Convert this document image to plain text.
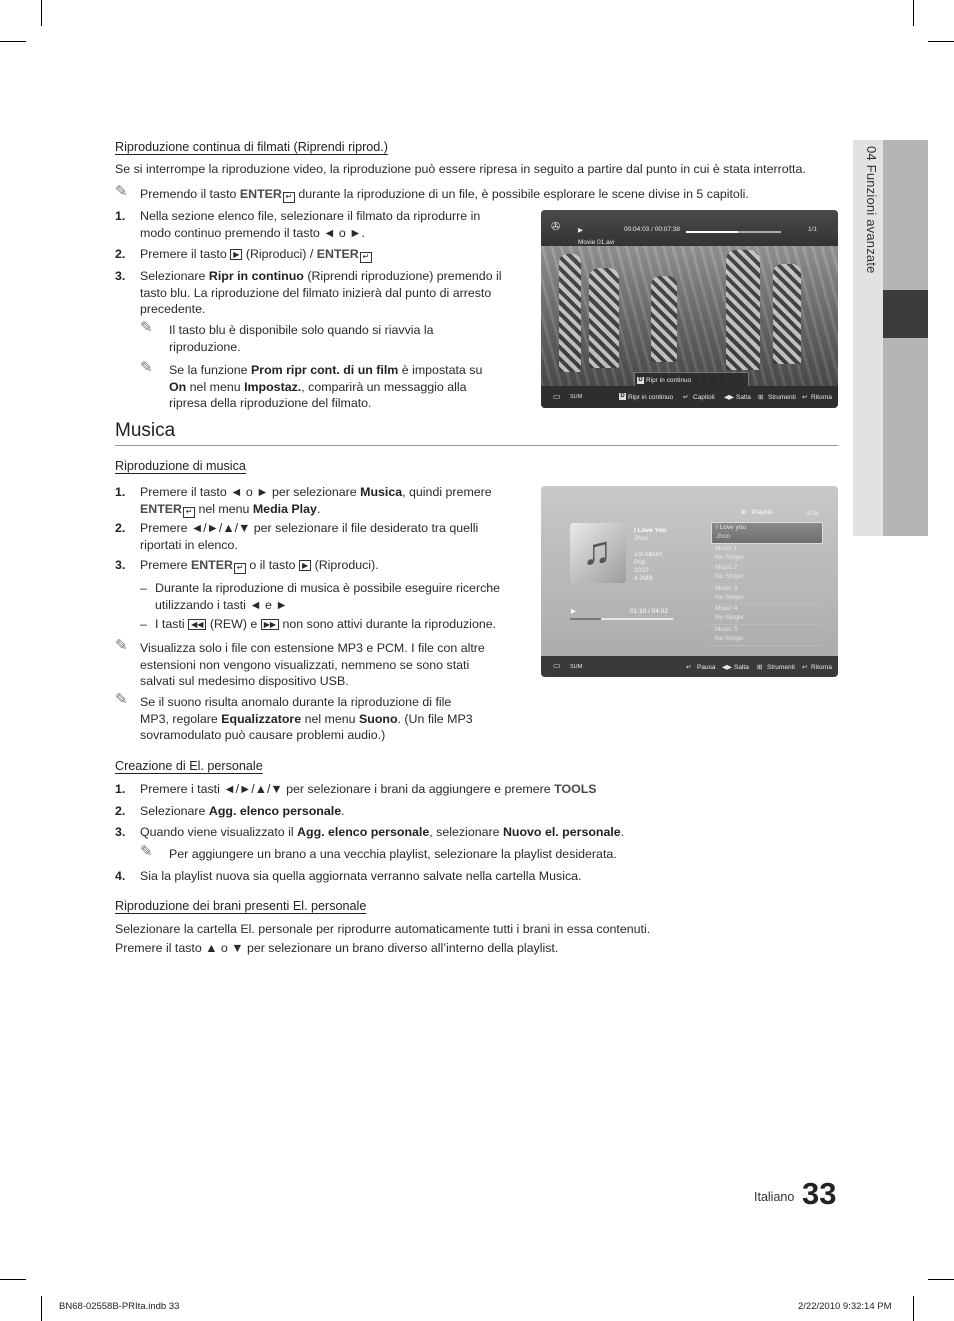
04 Funzioni avanzate
Riproduzione continua di filmati (Riprendi riprod.)
Se si interrompe la riproduzione video, la riproduzione può essere ripresa in seguito a partire dal punto in cui è stata interrotta.
✎ Premendo il tasto ENTER ↵ durante la riproduzione di un file, è possibile esplorare le scene divise in 5 capitoli.
1.	Nella sezione elenco file, selezionare il filmato da riprodurre in
modo continuo premendo il tasto ◄ o ►.
2.	Premere il tasto ▶ (Riproduci) / ENTER ↵
3.	Selezionare Ripr in continuo (Riprendi riproduzione) premendo il
tasto blu. La riproduzione del filmato inizierà dal punto di arresto
precedente.
✎ Il tasto blu è disponibile solo quando si riavvia la
riproduzione.
✎ Se la funzione Prom ripr cont. di un film è impostata su
On nel menu Impostaz., comparirà un messaggio alla
ripresa della riproduzione del filmato.
✇	▶	00:04:03 / 00:07:38	1/1
Movie 01.avi
D Ripr in continuo
▭ SUM	D Ripr in continuo ↵ Capitoli ◀▶ Salta ⊞ Strumenti ↩ Ritorna
Musica
Riproduzione di musica
1.	Premere il tasto ◄ o ► per selezionare Musica, quindi premere
ENTER ↵ nel menu Media Play.
2.	Premere ◄/►/▲/▼ per selezionare il file desiderato tra quelli
riportati in elenco.
3.	Premere ENTER ↵ o il tasto ▶ (Riproduci).
– Durante la riproduzione di musica è possibile eseguire ricerche
utilizzando i tasti ◄ e ►
– I tasti ◀◀ (REW) e ▶▶ non sono attivi durante la riproduzione.
✎ Visualizza solo i file con estensione MP3 e PCM. I file con altre
estensioni non vengono visualizzati, nemmeno se sono stati
salvati sul medesimo dispositivo USB.
✎ Se il suono risulta anomalo durante la riproduzione di file
MP3, regolare Equalizzatore nel menu Suono. (Un file MP3
sovramodulato può causare problemi audio.)
♫	I Love You
Jhon
1st Album
Pop
2010
4.2MB
▶	01:10 / 04:02
⊕ Playlist	3/15
I Love you
Jhon
Music 1
No Singer
Music 2
No Singer
Music 3
No Singer
Music 4
No Singer
Music 5
No Singer
▭ SUM	↵ Pausa ◀▶ Salta ⊞ Strumenti ↩ Ritorna
Creazione di El. personale
1.	Premere i tasti ◄/►/▲/▼ per selezionare i brani da aggiungere e premere TOOLS
2.	Selezionare Agg. elenco personale.
3.	Quando viene visualizzato il Agg. elenco personale, selezionare Nuovo el. personale.
✎ Per aggiungere un brano a una vecchia playlist, selezionare la playlist desiderata.
4.	Sia la playlist nuova sia quella aggiornata verranno salvate nella cartella Musica.
Riproduzione dei brani presenti El. personale
Selezionare la cartella El. personale per riprodurre automaticamente tutti i brani in essa contenuti.
Premere il tasto ▲ o ▼ per selezionare un brano diverso all’interno della playlist.
Italiano 33
BN68-02558B-PRIta.indb 33	2/22/2010 9:32:14 PM
